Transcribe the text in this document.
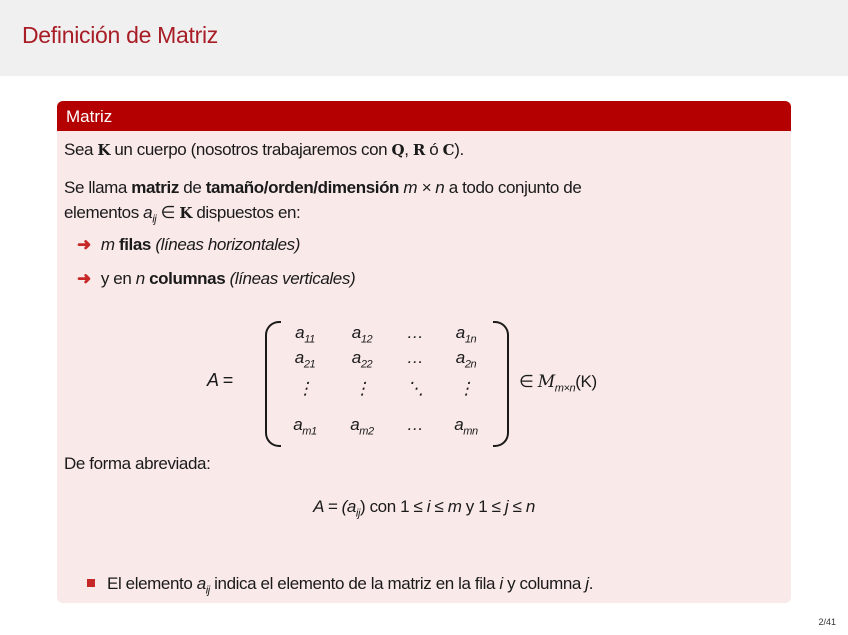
Definición de Matriz
Matriz
Sea K un cuerpo (nosotros trabajaremos con Q, R ó C).
Se llama matriz de tamaño/orden/dimensión m × n a todo conjunto de
elementos $a_{ij}$ ∈ K dispuestos en:
➜ m filas (líneas horizontales)
➜ y en n columnas (líneas verticales)
A =
$a_{11}$	$a_{12}$	…	$a_{1n}$
$a_{21}$	$a_{22}$	…	$a_{2n}$
⋮	⋮	⋱	⋮
$a_{m1}$	$a_{m2}$	…	$a_{mn}$
∈ $M_{m\times n}(K)$
De forma abreviada:
$A = (a_{ij})$ con 1 ≤ i ≤ m y 1 ≤ j ≤ n
El elemento $a_{ij}$ indica el elemento de la matriz en la fila i y columna j.
2/41
